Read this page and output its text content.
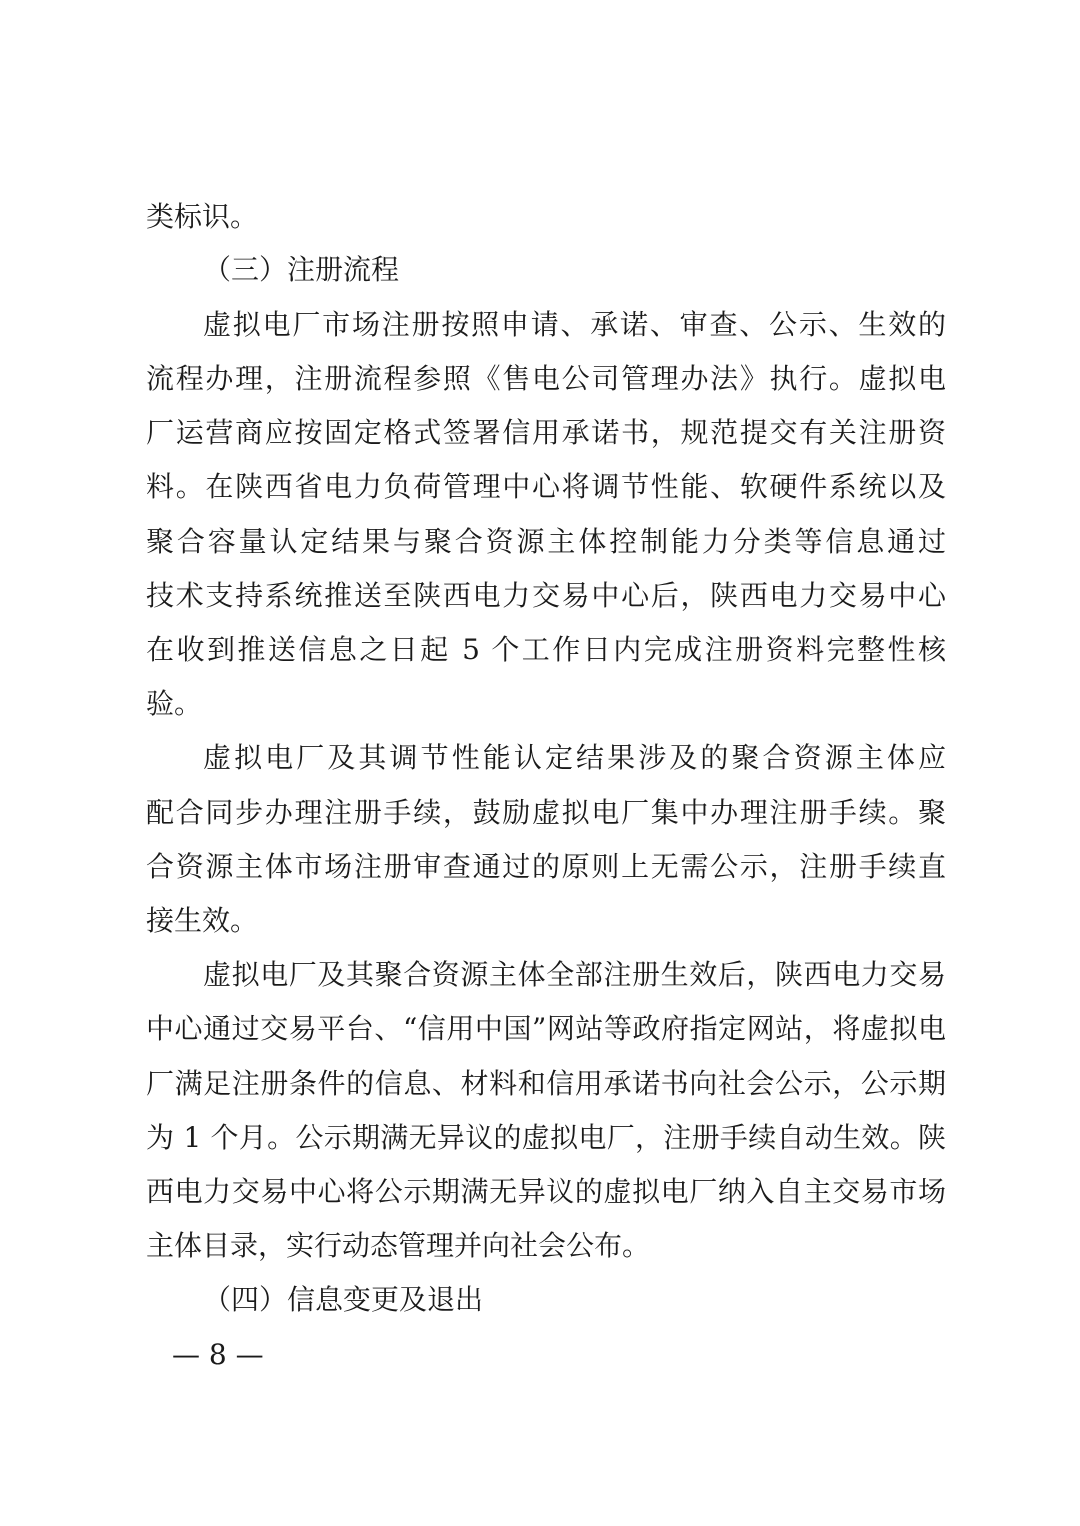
类标识。
（三）注册流程
虚拟电厂市场注册按照申请、承诺、审查、公示、生效的
流程办理，注册流程参照《售电公司管理办法》执行。虚拟电
厂运营商应按固定格式签署信用承诺书，规范提交有关注册资
料。在陕西省电力负荷管理中心将调节性能、软硬件系统以及
聚合容量认定结果与聚合资源主体控制能力分类等信息通过
技术支持系统推送至陕西电力交易中心后，陕西电力交易中心
在收到推送信息之日起 5 个工作日内完成注册资料完整性核
验。
虚拟电厂及其调节性能认定结果涉及的聚合资源主体应
配合同步办理注册手续，鼓励虚拟电厂集中办理注册手续。聚
合资源主体市场注册审查通过的原则上无需公示，注册手续直
接生效。
虚拟电厂及其聚合资源主体全部注册生效后，陕西电力交易
中心通过交易平台、“信用中国”网站等政府指定网站，将虚拟电
厂满足注册条件的信息、材料和信用承诺书向社会公示，公示期
为 1 个月。公示期满无异议的虚拟电厂，注册手续自动生效。陕
西电力交易中心将公示期满无异议的虚拟电厂纳入自主交易市场
主体目录，实行动态管理并向社会公布。
（四）信息变更及退出
— 8 —
